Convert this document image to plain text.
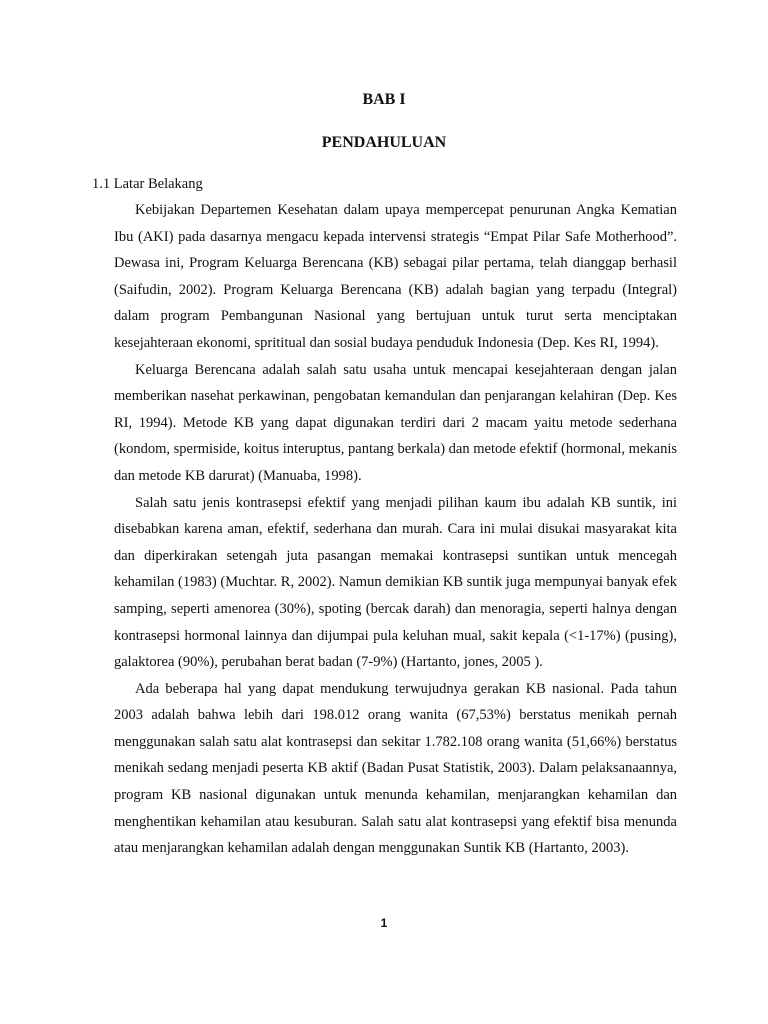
BAB I
PENDAHULUAN
1.1 Latar Belakang

Kebijakan Departemen Kesehatan dalam upaya mempercepat penurunan Angka Kematian Ibu (AKI) pada dasarnya mengacu kepada intervensi strategis “Empat Pilar Safe Motherhood”. Dewasa ini, Program Keluarga Berencana (KB) sebagai pilar pertama, telah dianggap berhasil (Saifudin, 2002). Program Keluarga Berencana (KB) adalah bagian yang terpadu (Integral) dalam program Pembangunan Nasional yang bertujuan untuk turut serta menciptakan kesejahteraan ekonomi, sprititual dan sosial budaya penduduk Indonesia (Dep. Kes RI, 1994).

Keluarga Berencana adalah salah satu usaha untuk mencapai kesejahteraan dengan jalan memberikan nasehat perkawinan, pengobatan kemandulan dan penjarangan kelahiran (Dep. Kes RI, 1994). Metode KB yang dapat digunakan terdiri dari 2 macam yaitu metode sederhana (kondom, spermiside, koitus interuptus, pantang berkala) dan metode efektif (hormonal, mekanis dan metode KB darurat) (Manuaba, 1998).

Salah satu jenis kontrasepsi efektif yang menjadi pilihan kaum ibu adalah KB suntik, ini disebabkan karena aman, efektif, sederhana dan murah. Cara ini mulai disukai masyarakat kita dan diperkirakan setengah juta pasangan memakai kontrasepsi suntikan untuk mencegah kehamilan (1983) (Muchtar. R, 2002). Namun demikian KB suntik juga mempunyai banyak efek samping, seperti amenorea (30%), spoting (bercak darah) dan menoragia, seperti halnya dengan kontrasepsi hormonal lainnya dan dijumpai pula keluhan mual, sakit kepala (<1-17%) (pusing), galaktorea (90%), perubahan berat badan (7-9%) (Hartanto, jones, 2005 ).

Ada beberapa hal yang dapat mendukung terwujudnya gerakan KB nasional. Pada tahun 2003 adalah bahwa lebih dari 198.012 orang wanita (67,53%) berstatus menikah pernah menggunakan salah satu alat kontrasepsi dan sekitar 1.782.108 orang wanita (51,66%) berstatus menikah sedang menjadi peserta KB aktif (Badan Pusat Statistik, 2003). Dalam pelaksanaannya, program KB nasional digunakan untuk menunda kehamilan, menjarangkan kehamilan dan menghentikan kehamilan atau kesuburan. Salah satu alat kontrasepsi yang efektif bisa menunda atau menjarangkan kehamilan adalah dengan menggunakan Suntik KB (Hartanto, 2003).

1
